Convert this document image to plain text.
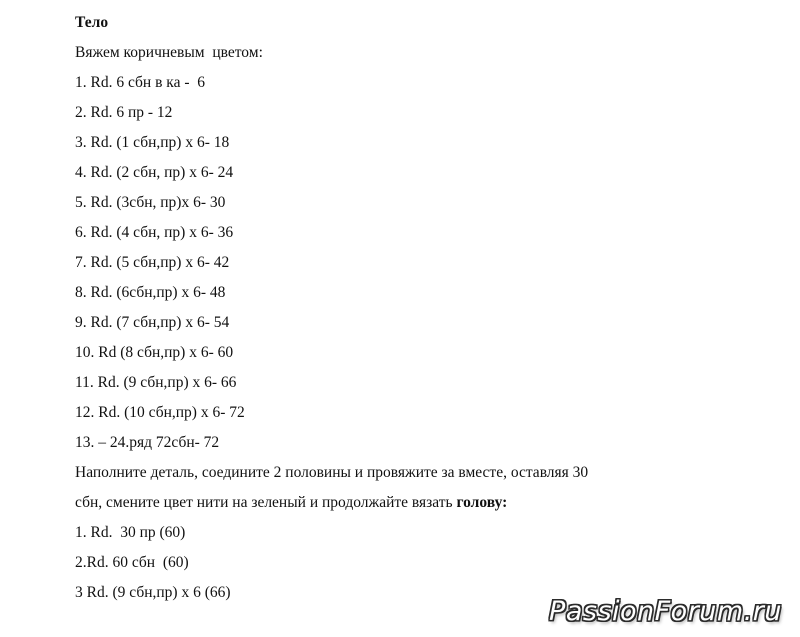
Тело
Вяжем коричневым  цветом:
1. Rd. 6 сбн в ка -  6
2. Rd. 6 пр - 12
3. Rd. (1 сбн,пр) х 6- 18
4. Rd. (2 сбн, пр) х 6- 24
5. Rd. (3сбн, пр)х 6- 30
6. Rd. (4 сбн, пр) х 6- 36
7. Rd. (5 сбн,пр) х 6- 42
8. Rd. (6сбн,пр) х 6- 48
9. Rd. (7 сбн,пр) х 6- 54
10. Rd (8 сбн,пр) х 6- 60
11. Rd. (9 сбн,пр) х 6- 66
12. Rd. (10 сбн,пр) х 6- 72
13. – 24.ряд 72сбн- 72
Наполните деталь, соедините 2 половины и провяжите за вместе, оставляя 30
сбн, смените цвет нити на зеленый и продолжайте вязать голову:
1. Rd.  30 пр (60)
2.Rd. 60 сбн  (60)
3 Rd. (9 сбн,пр) х 6 (66)
PassionForum.ru
